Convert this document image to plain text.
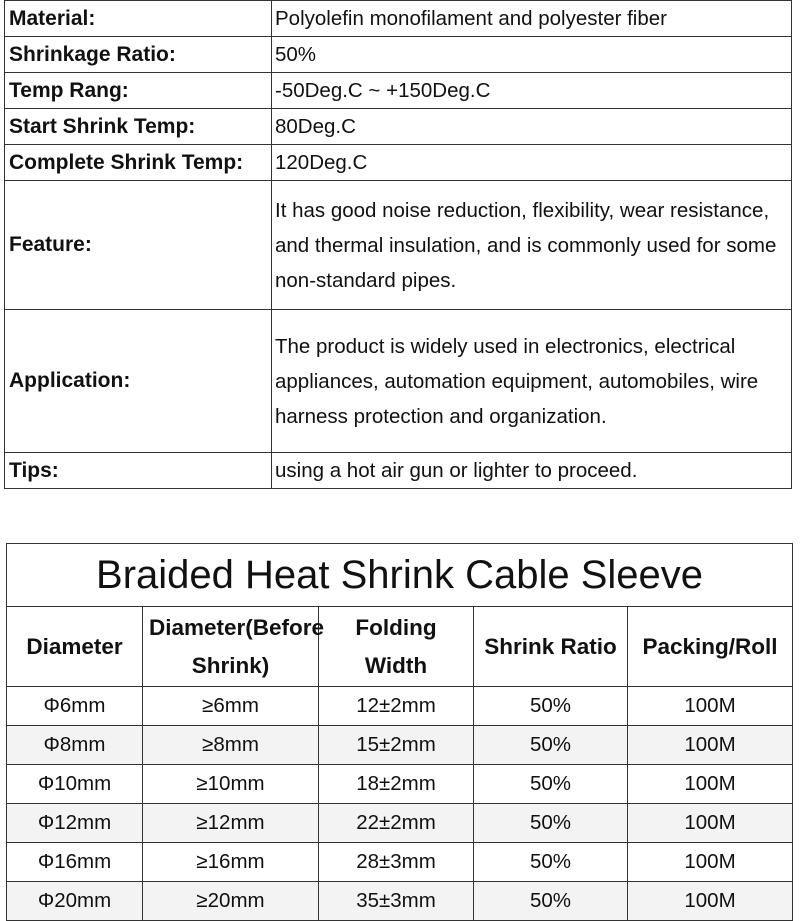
Material:	Polyolefin monofilament and polyester fiber
Shrinkage Ratio:	50%
Temp Rang:	-50Deg.C ~ +150Deg.C
Start Shrink Temp:	80Deg.C
Complete Shrink Temp:	120Deg.C
Feature:	It has good noise reduction, flexibility, wear resistance, and thermal insulation, and is commonly used for some non-standard pipes.
Application:	The product is widely used in electronics, electrical appliances, automation equipment, automobiles, wire harness protection and organization.
Tips:	using a hot air gun or lighter to proceed.
Braided Heat Shrink Cable Sleeve				
Diameter	Diameter(Before Shrink)	Folding Width	Shrink Ratio	Packing/Roll
Φ6mm	≥6mm	12±2mm	50%	100M
Φ8mm	≥8mm	15±2mm	50%	100M
Φ10mm	≥10mm	18±2mm	50%	100M
Φ12mm	≥12mm	22±2mm	50%	100M
Φ16mm	≥16mm	28±3mm	50%	100M
Φ20mm	≥20mm	35±3mm	50%	100M
